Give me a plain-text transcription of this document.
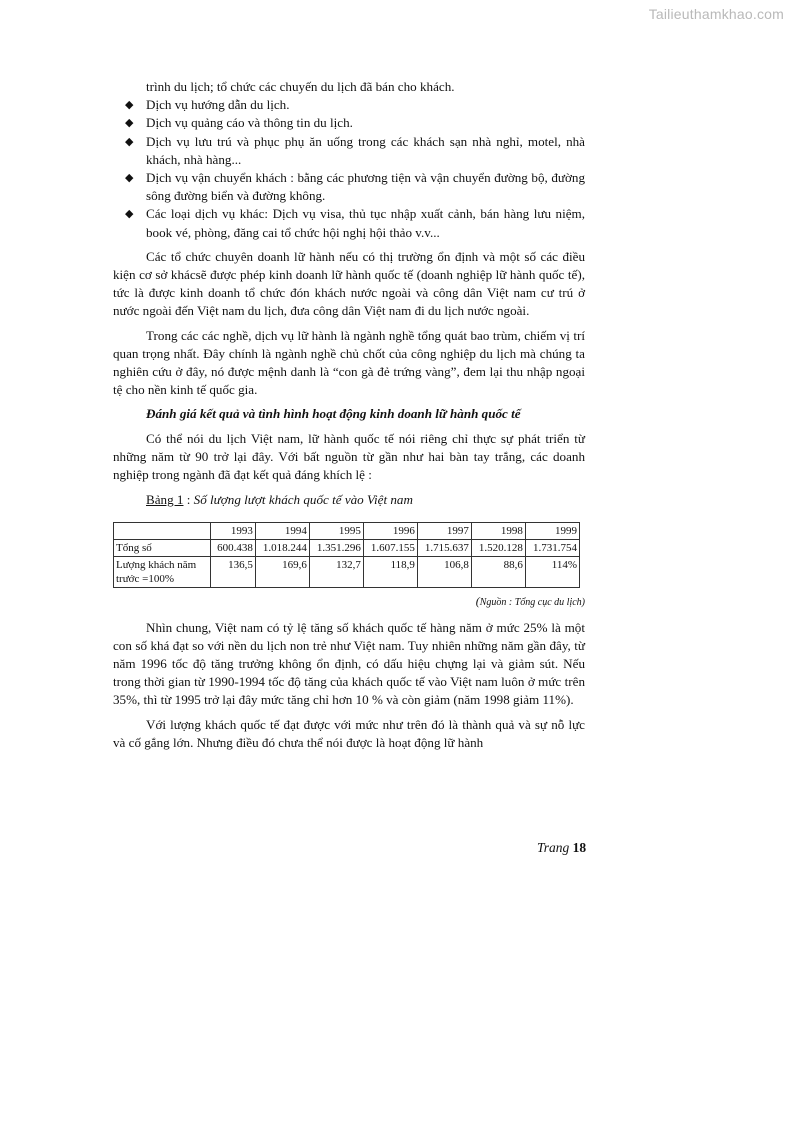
Tailieuthamkhao.com
trình du lịch; tổ chức các chuyến du lịch đã bán cho khách.
◆ Dịch vụ hướng dẫn du lịch.
◆ Dịch vụ quảng cáo và thông tin du lịch.
◆ Dịch vụ lưu trú và phục phụ ăn uống trong các khách sạn nhà nghỉ, motel, nhà khách, nhà hàng...
◆ Dịch vụ vận chuyển khách : bằng các phương tiện và vận chuyển đường bộ, đường sông đường biển và đường không.
◆ Các loại dịch vụ khác: Dịch vụ visa, thủ tục nhập xuất cảnh, bán hàng lưu niệm, book vé, phòng, đăng cai tổ chức hội nghị hội thảo v.v...

Các tổ chức chuyên doanh lữ hành nếu có thị trường ổn định và một số các điều kiện cơ sở khácsẽ được phép kinh doanh lữ hành quốc tế (doanh nghiệp lữ hành quốc tế), tức là được kinh doanh tổ chức đón khách nước ngoài và công dân Việt nam cư trú ở nước ngoài đến Việt nam du lịch, đưa công dân Việt nam đi du lịch nước ngoài.

Trong các các nghề, dịch vụ lữ hành là ngành nghề tổng quát bao trùm, chiếm vị trí quan trọng nhất. Đây chính là ngành nghề chủ chốt của công nghiệp du lịch mà chúng ta nghiên cứu ở đây, nó được mệnh danh là “con gà đẻ trứng vàng”, đem lại thu nhập ngoại tệ cho nền kinh tế quốc gia.

Đánh giá kết quả và tình hình hoạt động kinh doanh lữ hành quốc tế

Có thể nói du lịch Việt nam, lữ hành quốc tế nói riêng chỉ thực sự phát triển từ những năm từ 90 trở lại đây. Với bất nguồn từ gần như hai bàn tay trắng, các doanh nghiệp trong ngành đã đạt kết quả đáng khích lệ :

Bảng 1 : Số lượng lượt khách quốc tế vào Việt nam
	1993	1994	1995	1996	1997	1998	1999
Tổng số	600.438	1.018.244	1.351.296	1.607.155	1.715.637	1.520.128	1.731.754
Lượng khách năm trước =100%	136,5	169,6	132,7	118,9	106,8	88,6	114%
(Nguồn : Tổng cục du lịch)

Nhìn chung, Việt nam có tỷ lệ tăng số khách quốc tế hàng năm ở mức 25% là một con số khá đạt so với nền du lịch non trẻ như Việt nam. Tuy nhiên những năm gần đây, từ năm 1996 tốc độ tăng trưởng không ổn định, có dấu hiệu chựng lại và giảm sút. Nếu trong thời gian từ 1990-1994 tốc độ tăng của khách quốc tế vào Việt nam luôn ở mức trên 35%, thì từ 1995 trở lại đây mức tăng chỉ hơn 10 % và còn giảm (năm 1998 giảm 11%).

Với lượng khách quốc tế đạt được với mức như trên đó là thành quả và sự nỗ lực và cố gắng lớn. Nhưng điều đó chưa thể nói được là hoạt động lữ hành

Trang 18
